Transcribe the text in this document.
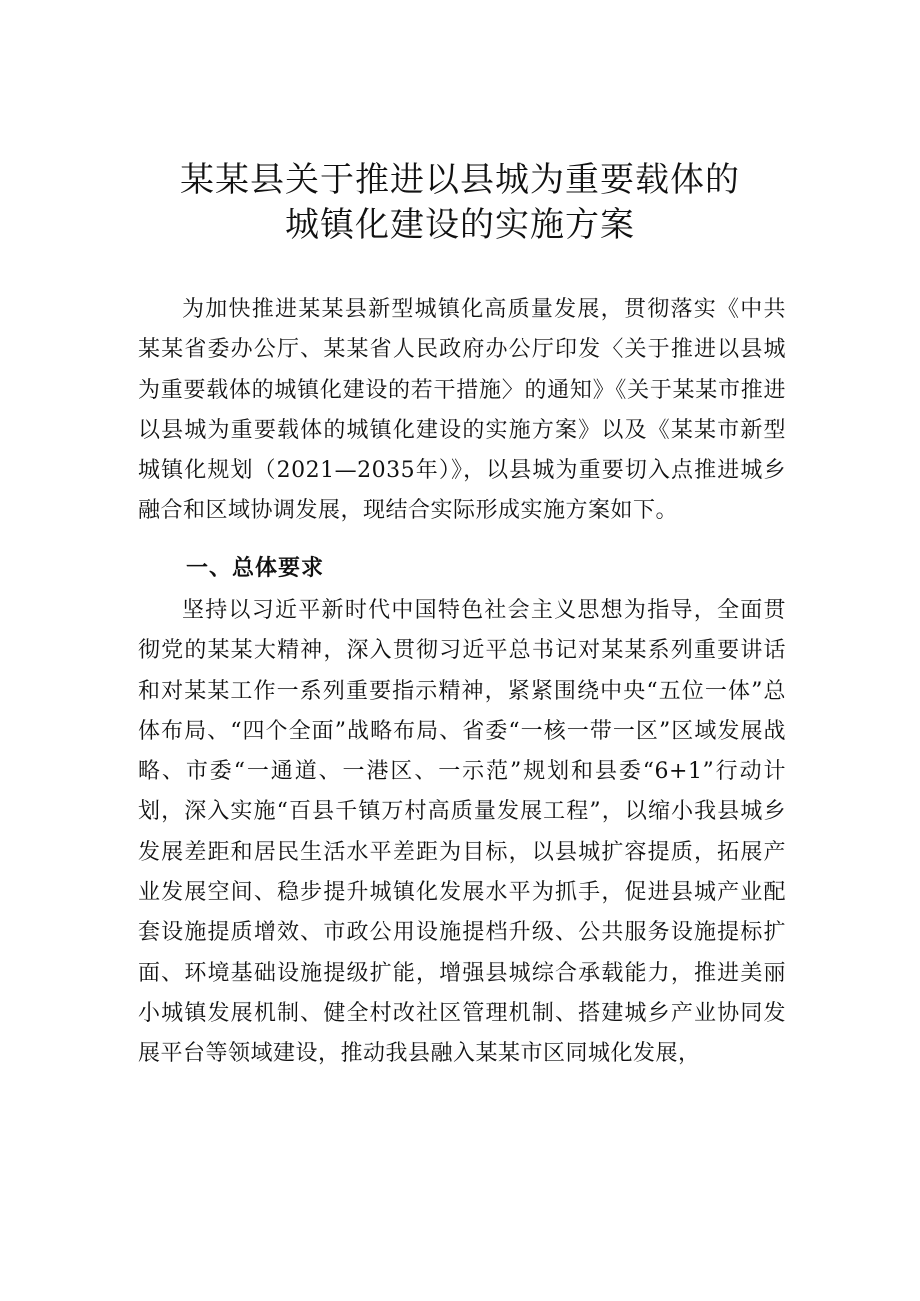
某某县关于推进以县城为重要载体的
城镇化建设的实施方案

为加快推进某某县新型城镇化高质量发展，贯彻落实《中共某某省委办公厅、某某省人民政府办公厅印发〈关于推进以县城为重要载体的城镇化建设的若干措施〉的通知》《关于某某市推进以县城为重要载体的城镇化建设的实施方案》以及《某某市新型城镇化规划（2021—2035年）》，以县城为重要切入点推进城乡融合和区域协调发展，现结合实际形成实施方案如下。

一、总体要求

坚持以习近平新时代中国特色社会主义思想为指导，全面贯彻党的某某大精神，深入贯彻习近平总书记对某某系列重要讲话和对某某工作一系列重要指示精神，紧紧围绕中央“五位一体”总体布局、“四个全面”战略布局、省委“一核一带一区”区域发展战略、市委“一通道、一港区、一示范”规划和县委“6+1”行动计划，深入实施“百县千镇万村高质量发展工程”，以缩小我县城乡发展差距和居民生活水平差距为目标，以县城扩容提质，拓展产业发展空间、稳步提升城镇化发展水平为抓手，促进县城产业配套设施提质增效、市政公用设施提档升级、公共服务设施提标扩面、环境基础设施提级扩能，增强县城综合承载能力，推进美丽小城镇发展机制、健全村改社区管理机制、搭建城乡产业协同发展平台等领域建设，推动我县融入某某市区同城化发展，
